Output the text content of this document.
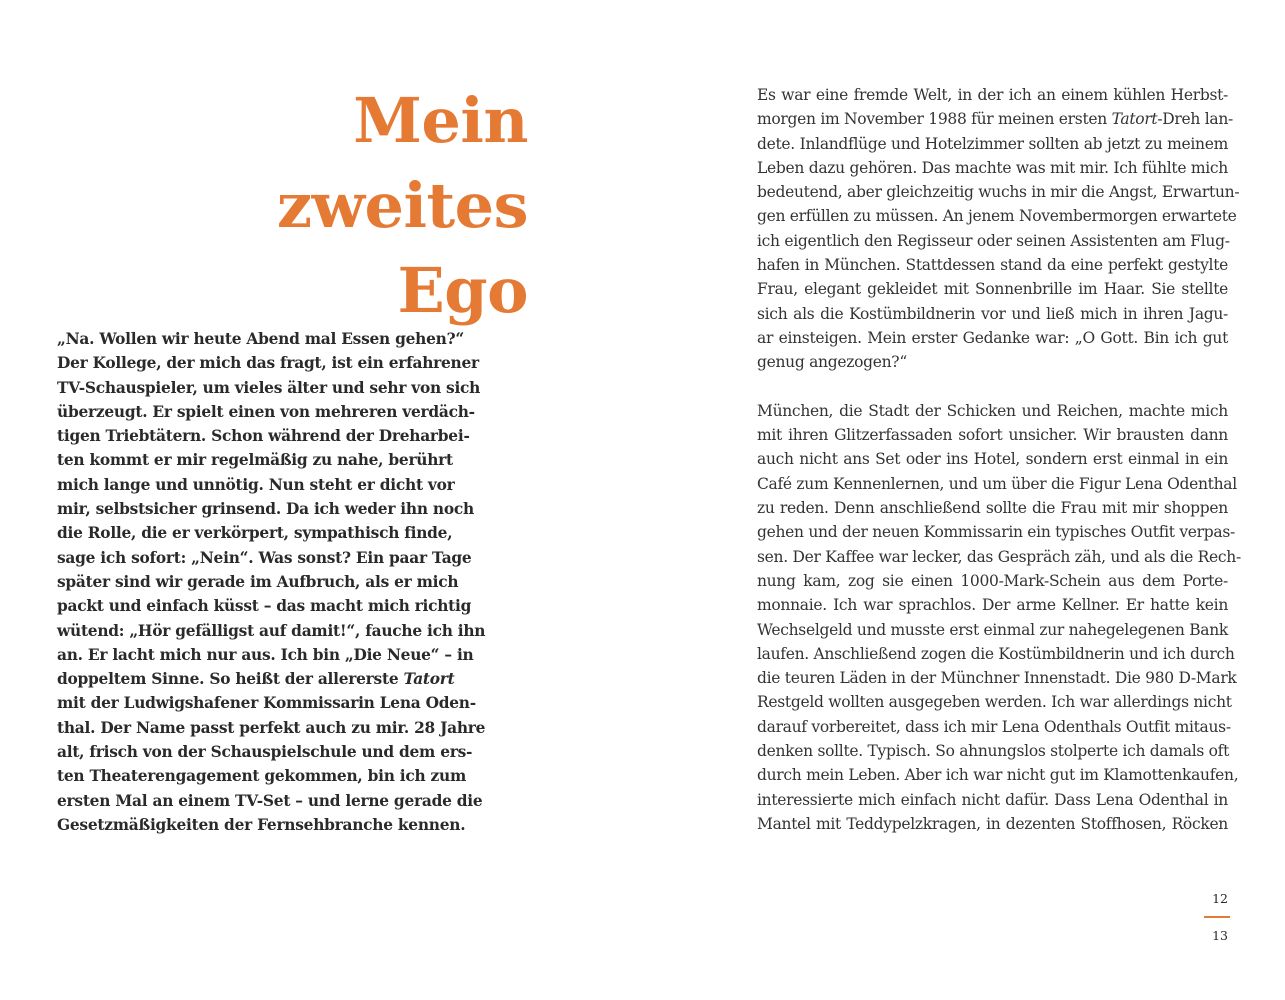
Mein
zweites
Ego
„Na. Wollen wir heute Abend mal Essen gehen?“
Der Kollege, der mich das fragt, ist ein erfahrener
TV-Schauspieler, um vieles älter und sehr von sich
überzeugt. Er spielt einen von mehreren verdäch-
tigen Triebtätern. Schon während der Dreharbei-
ten kommt er mir regelmäßig zu nahe, berührt
mich lange und unnötig. Nun steht er dicht vor
mir, selbstsicher grinsend. Da ich weder ihn noch
die Rolle, die er verkörpert, sympathisch finde,
sage ich sofort: „Nein“. Was sonst? Ein paar Tage
später sind wir gerade im Aufbruch, als er mich
packt und einfach küsst – das macht mich richtig
wütend: „Hör gefälligst auf damit!“, fauche ich ihn
an. Er lacht mich nur aus. Ich bin „Die Neue“ – in
doppeltem Sinne. So heißt der allererste Tatort
mit der Ludwigshafener Kommissarin Lena Oden-
thal. Der Name passt perfekt auch zu mir. 28 Jahre
alt, frisch von der Schauspielschule und dem ers-
ten Theaterengagement gekommen, bin ich zum
ersten Mal an einem TV-Set – und lerne gerade die
Gesetzmäßigkeiten der Fernsehbranche kennen.
Es war eine fremde Welt, in der ich an einem kühlen Herbst-
morgen im November 1988 für meinen ersten Tatort-Dreh lan-
dete. Inlandflüge und Hotelzimmer sollten ab jetzt zu meinem
Leben dazu gehören. Das machte was mit mir. Ich fühlte mich
bedeutend, aber gleichzeitig wuchs in mir die Angst, Erwartun-
gen erfüllen zu müssen. An jenem Novembermorgen erwartete
ich eigentlich den Regisseur oder seinen Assistenten am Flug-
hafen in München. Stattdessen stand da eine perfekt gestylte
Frau, elegant gekleidet mit Sonnenbrille im Haar. Sie stellte
sich als die Kostümbildnerin vor und ließ mich in ihren Jagu-
ar einsteigen. Mein erster Gedanke war: „O Gott. Bin ich gut
genug angezogen?“
München, die Stadt der Schicken und Reichen, machte mich
mit ihren Glitzerfassaden sofort unsicher. Wir brausten dann
auch nicht ans Set oder ins Hotel, sondern erst einmal in ein
Café zum Kennenlernen, und um über die Figur Lena Odenthal
zu reden. Denn anschließend sollte die Frau mit mir shoppen
gehen und der neuen Kommissarin ein typisches Outfit verpas-
sen. Der Kaffee war lecker, das Gespräch zäh, und als die Rech-
nung kam, zog sie einen 1000-Mark-Schein aus dem Porte-
monnaie. Ich war sprachlos. Der arme Kellner. Er hatte kein
Wechselgeld und musste erst einmal zur nahegelegenen Bank
laufen. Anschließend zogen die Kostümbildnerin und ich durch
die teuren Läden in der Münchner Innenstadt. Die 980 D-Mark
Restgeld wollten ausgegeben werden. Ich war allerdings nicht
darauf vorbereitet, dass ich mir Lena Odenthals Outfit mitaus-
denken sollte. Typisch. So ahnungslos stolperte ich damals oft
durch mein Leben. Aber ich war nicht gut im Klamottenkaufen,
interessierte mich einfach nicht dafür. Dass Lena Odenthal in
Mantel mit Teddypelzkragen, in dezenten Stoffhosen, Röcken
12
13
